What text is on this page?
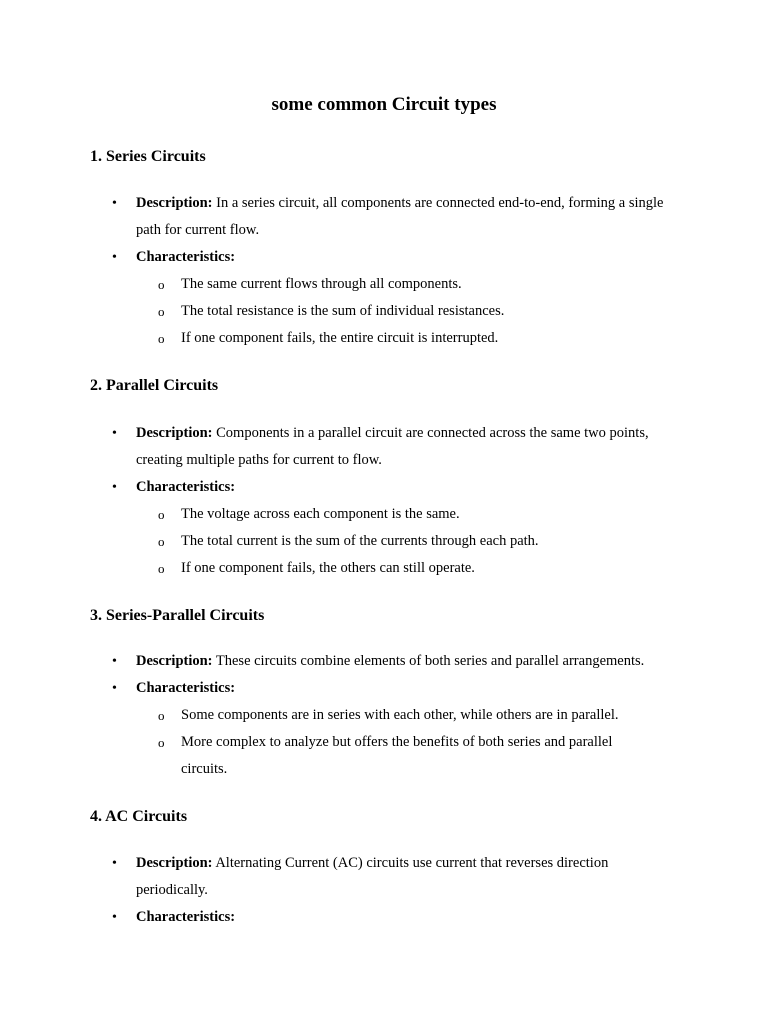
some common Circuit types
1. Series Circuits
• Description: In a series circuit, all components are connected end-to-end, forming a single path for current flow.
• Characteristics:
o The same current flows through all components.
o The total resistance is the sum of individual resistances.
o If one component fails, the entire circuit is interrupted.
2. Parallel Circuits
• Description: Components in a parallel circuit are connected across the same two points, creating multiple paths for current to flow.
• Characteristics:
o The voltage across each component is the same.
o The total current is the sum of the currents through each path.
o If one component fails, the others can still operate.
3. Series-Parallel Circuits
• Description: These circuits combine elements of both series and parallel arrangements.
• Characteristics:
o Some components are in series with each other, while others are in parallel.
o More complex to analyze but offers the benefits of both series and parallel circuits.
4. AC Circuits
• Description: Alternating Current (AC) circuits use current that reverses direction periodically.
• Characteristics:
